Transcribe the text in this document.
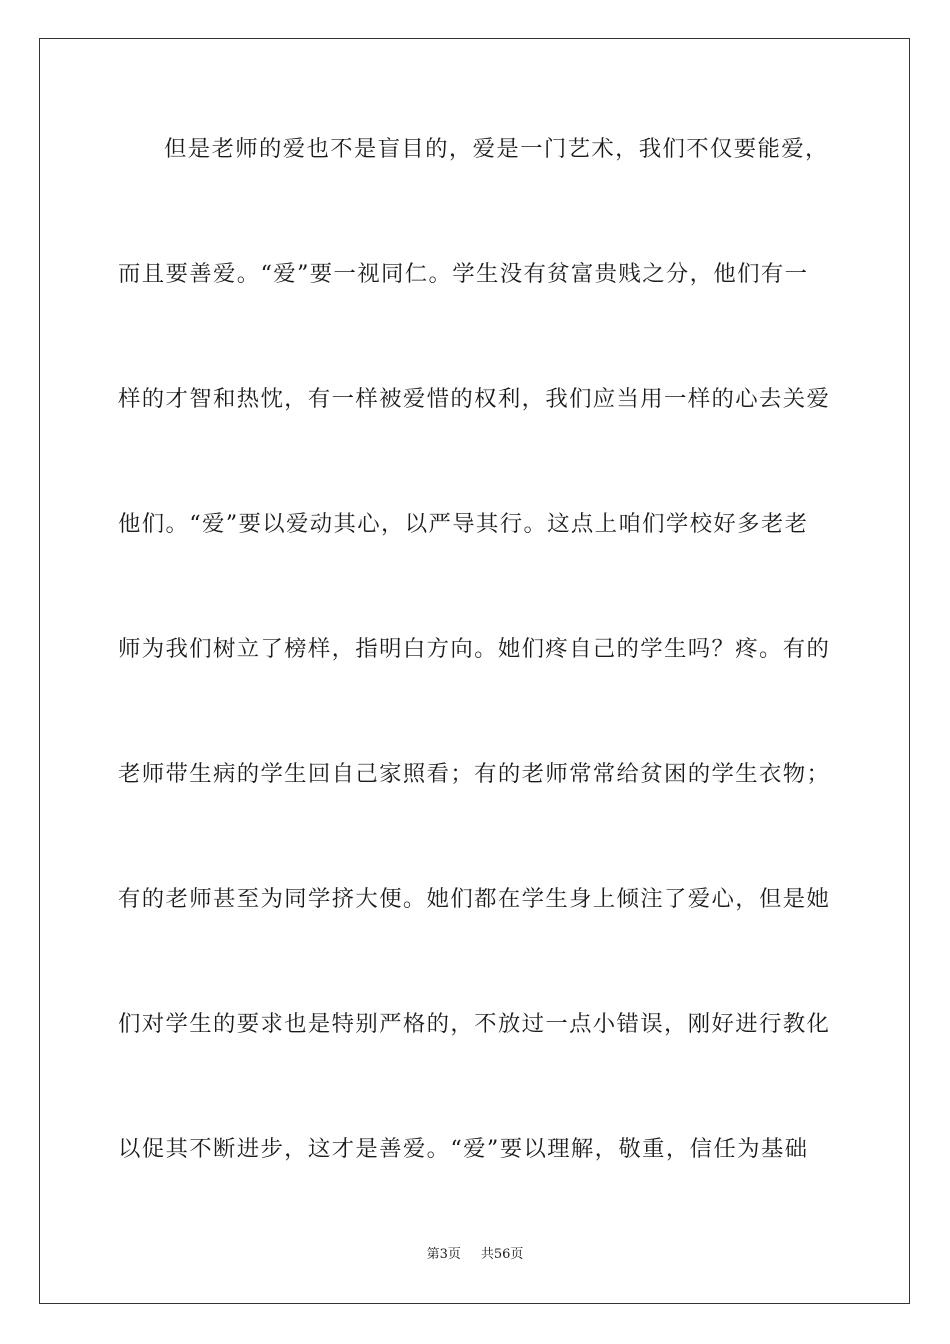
但是老师的爱也不是盲目的，爱是一门艺术，我们不仅要能爱，
而且要善爱。“爱”要一视同仁。学生没有贫富贵贱之分，他们有一
样的才智和热忱，有一样被爱惜的权利，我们应当用一样的心去关爱
他们。“爱”要以爱动其心，以严导其行。这点上咱们学校好多老老
师为我们树立了榜样，指明白方向。她们疼自己的学生吗？疼。有的
老师带生病的学生回自己家照看；有的老师常常给贫困的学生衣物；
有的老师甚至为同学挤大便。她们都在学生身上倾注了爱心，但是她
们对学生的要求也是特别严格的，不放过一点小错误，刚好进行教化
以促其不断进步，这才是善爱。“爱”要以理解，敬重，信任为基础
第3页 共56页
